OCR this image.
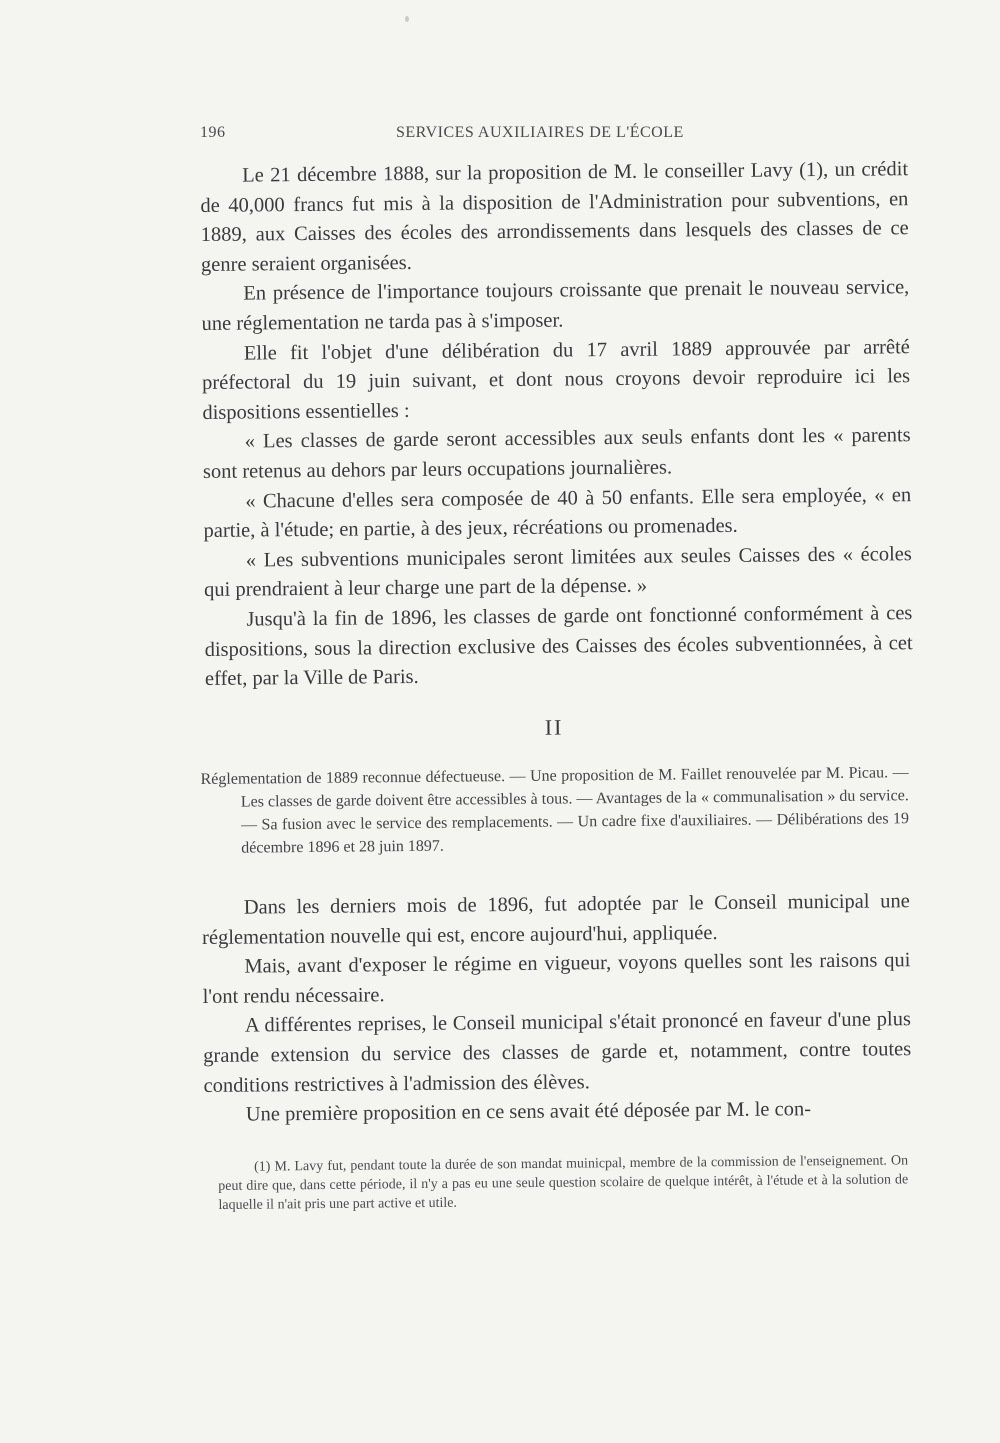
196	SERVICES AUXILIAIRES DE L'ÉCOLE

Le 21 décembre 1888, sur la proposition de M. le conseiller Lavy (1), un crédit de 40,000 francs fut mis à la disposition de l'Administration pour subventions, en 1889, aux Caisses des écoles des arrondissements dans lesquels des classes de ce genre seraient organisées.

En présence de l'importance toujours croissante que prenait le nouveau service, une réglementation ne tarda pas à s'imposer.

Elle fit l'objet d'une délibération du 17 avril 1889 approuvée par arrêté préfectoral du 19 juin suivant, et dont nous croyons devoir reproduire ici les dispositions essentielles :

« Les classes de garde seront accessibles aux seuls enfants dont les « parents sont retenus au dehors par leurs occupations journalières.

« Chacune d'elles sera composée de 40 à 50 enfants. Elle sera employée, « en partie, à l'étude; en partie, à des jeux, récréations ou promenades.

« Les subventions municipales seront limitées aux seules Caisses des « écoles qui prendraient à leur charge une part de la dépense. »

Jusqu'à la fin de 1896, les classes de garde ont fonctionné conformément à ces dispositions, sous la direction exclusive des Caisses des écoles subventionnées, à cet effet, par la Ville de Paris.

II
Réglementation de 1889 reconnue défectueuse. — Une proposition de M. Faillet renouvelée par M. Picau. — Les classes de garde doivent être accessibles à tous. — Avantages de la « communalisation » du service. — Sa fusion avec le service des remplacements. — Un cadre fixe d'auxiliaires. — Délibérations des 19 décembre 1896 et 28 juin 1897.

Dans les derniers mois de 1896, fut adoptée par le Conseil municipal une réglementation nouvelle qui est, encore aujourd'hui, appliquée.

Mais, avant d'exposer le régime en vigueur, voyons quelles sont les raisons qui l'ont rendu nécessaire.

A différentes reprises, le Conseil municipal s'était prononcé en faveur d'une plus grande extension du service des classes de garde et, notamment, contre toutes conditions restrictives à l'admission des élèves.

Une première proposition en ce sens avait été déposée par M. le con-

(1) M. Lavy fut, pendant toute la durée de son mandat muinicpal, membre de la commission de l'enseignement. On peut dire que, dans cette période, il n'y a pas eu une seule question scolaire de quelque intérêt, à l'étude et à la solution de laquelle il n'ait pris une part active et utile.
